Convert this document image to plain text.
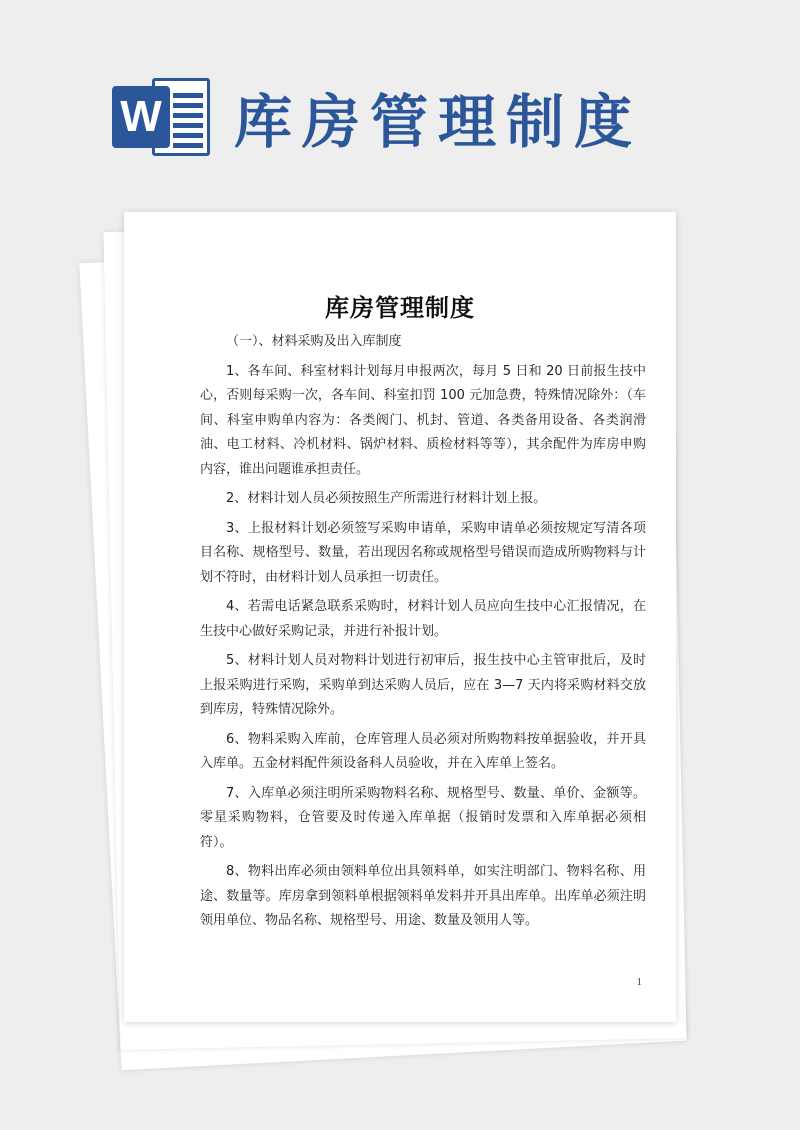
W 库房管理制度
库房管理制度

（一）、材料采购及出入库制度

1、各车间、科室材料计划每月申报两次，每月 5 日和 20 日前报生技中心，否则每采购一次，各车间、科室扣罚 100 元加急费，特殊情况除外：（车间、科室申购单内容为：各类阀门、机封、管道、各类备用设备、各类润滑油、电工材料、冷机材料、锅炉材料、质检材料等等），其余配件为库房申购内容，谁出问题谁承担责任。

2、材料计划人员必须按照生产所需进行材料计划上报。

3、上报材料计划必须签写采购申请单，采购申请单必须按规定写清各项目名称、规格型号、数量，若出现因名称或规格型号错误而造成所购物料与计划不符时，由材料计划人员承担一切责任。

4、若需电话紧急联系采购时，材料计划人员应向生技中心汇报情况，在生技中心做好采购记录，并进行补报计划。

5、材料计划人员对物料计划进行初审后，报生技中心主管审批后，及时上报采购进行采购，采购单到达采购人员后，应在 3—7 天内将采购材料交放到库房，特殊情况除外。

6、物料采购入库前，仓库管理人员必须对所购物料按单据验收，并开具入库单。五金材料配件须设备科人员验收，并在入库单上签名。

7、入库单必须注明所采购物料名称、规格型号、数量、单价、金额等。零星采购物料，仓管要及时传递入库单据（报销时发票和入库单据必须相符）。

8、物料出库必须由领料单位出具领料单，如实注明部门、物料名称、用途、数量等。库房拿到领料单根据领料单发料并开具出库单。出库单必须注明领用单位、物品名称、规格型号、用途、数量及领用人等。

1
